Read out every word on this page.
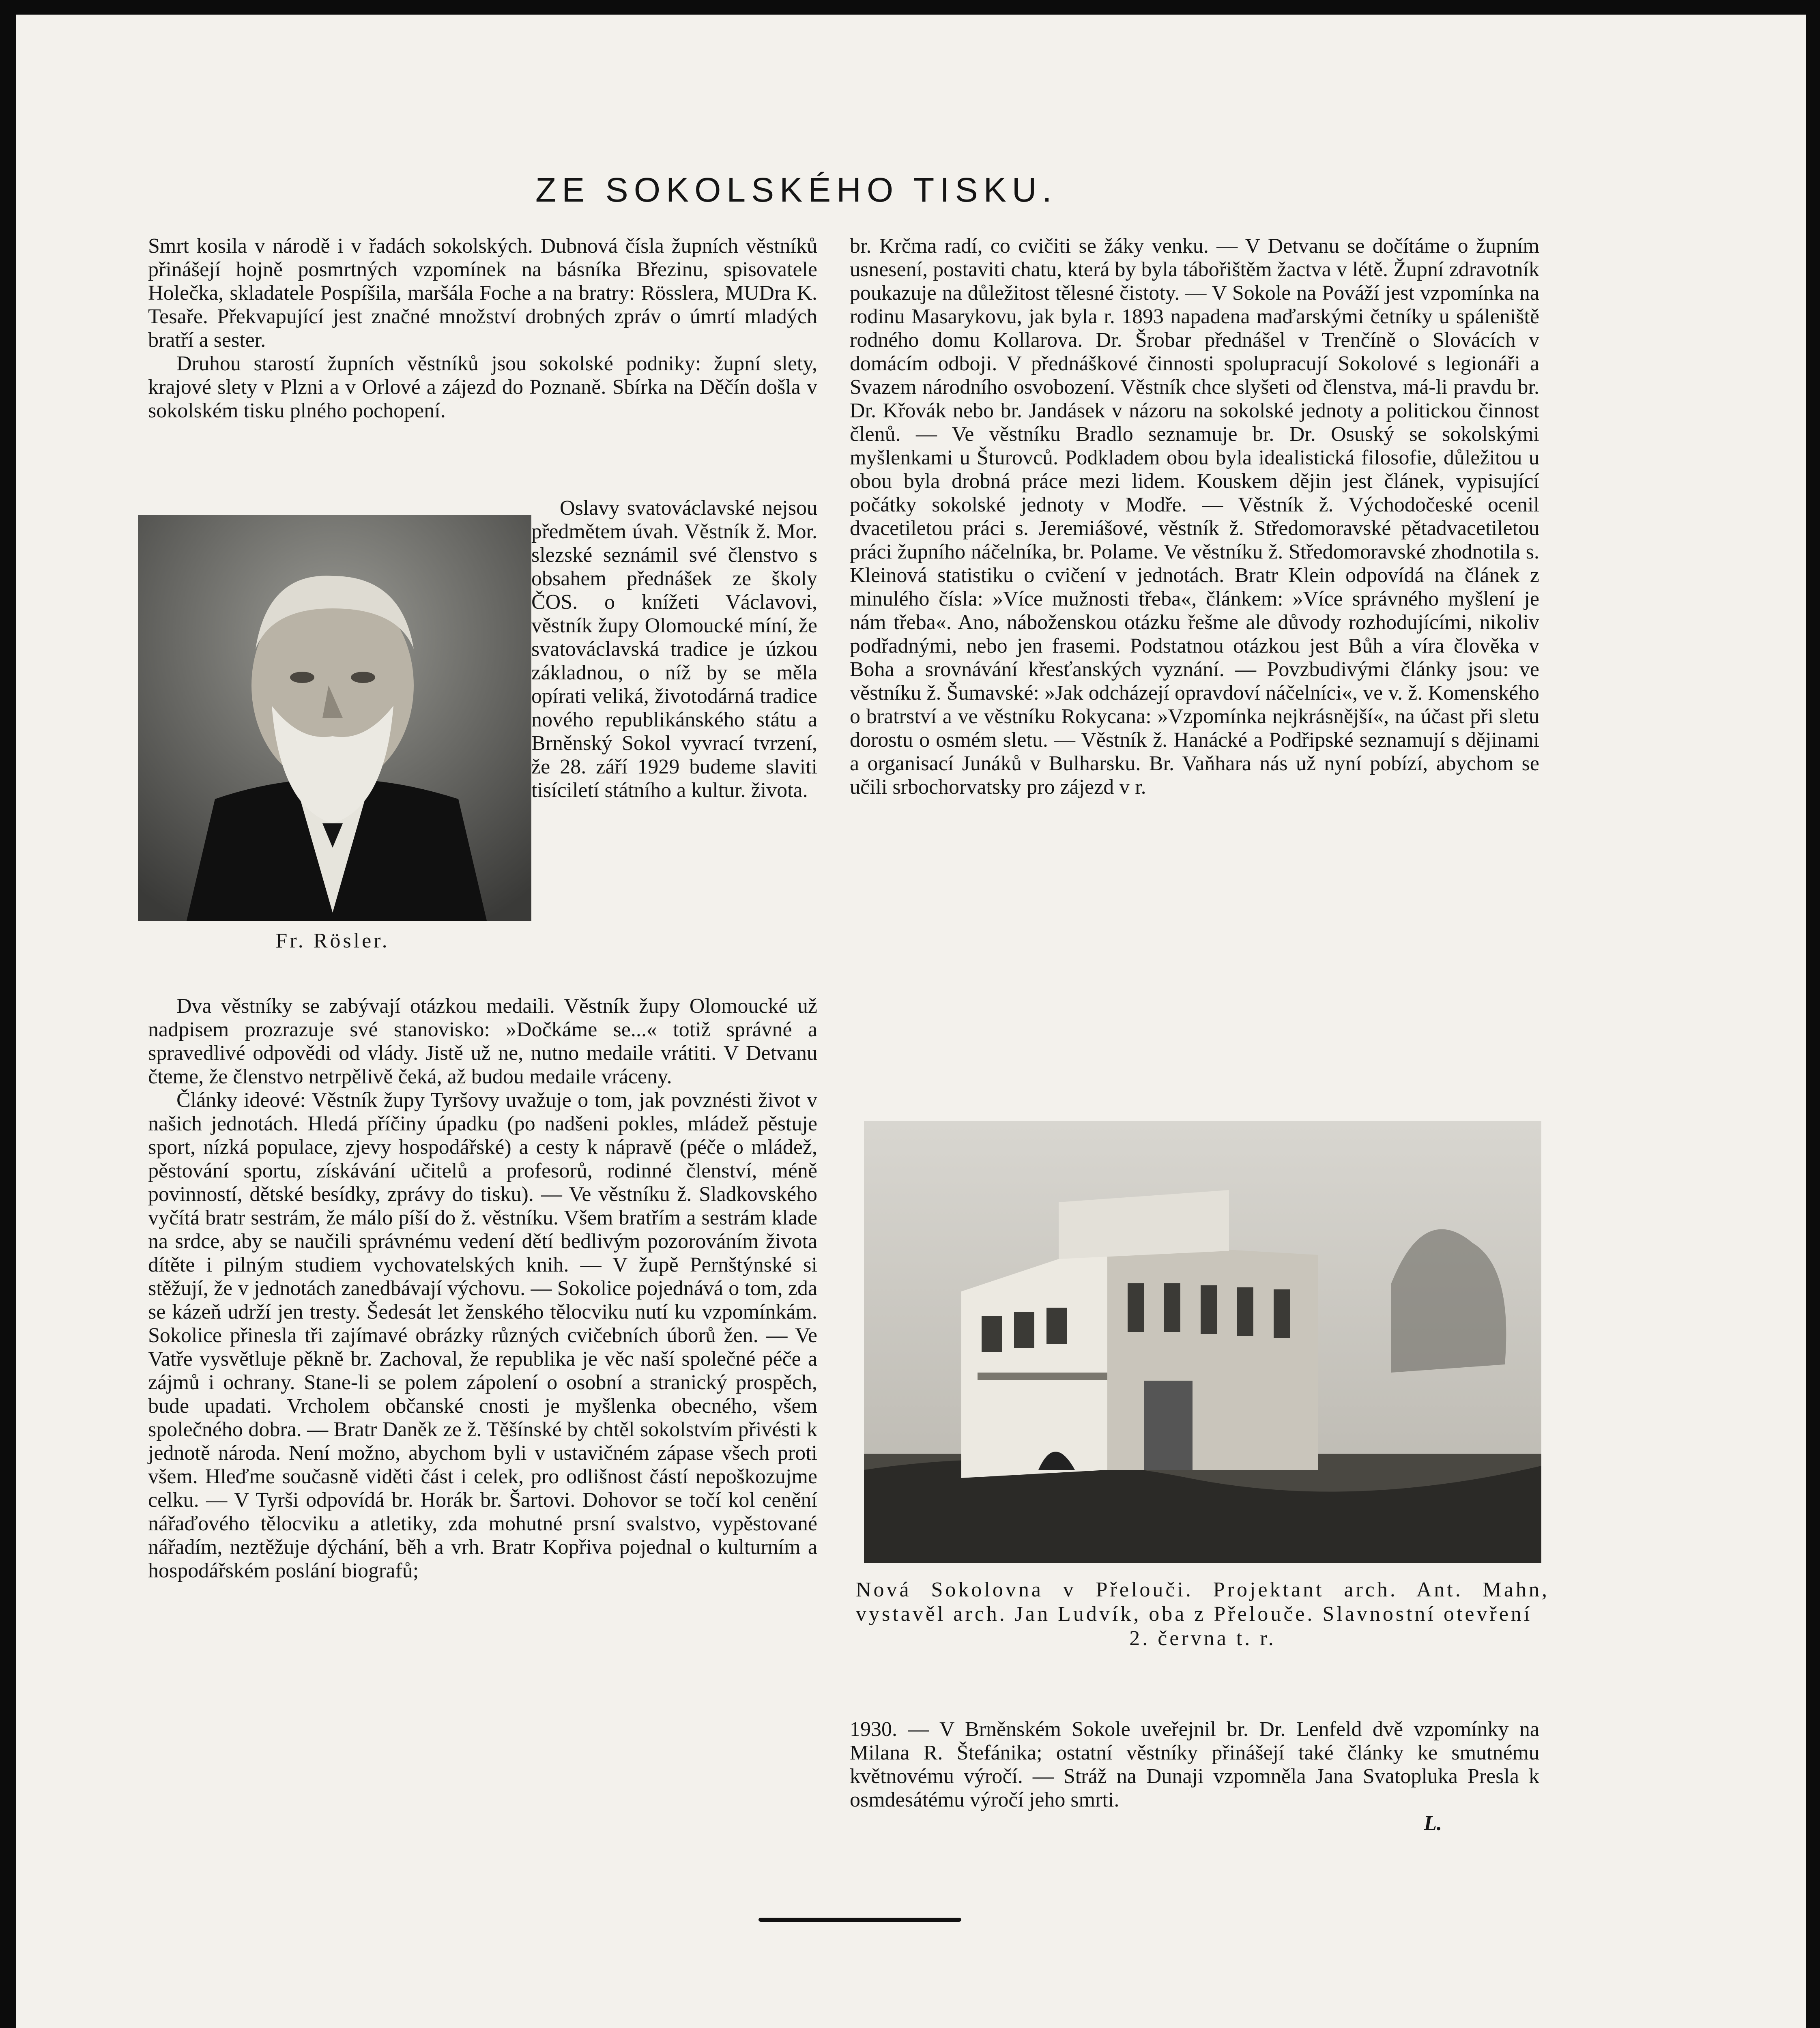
ZE SOKOLSKÉHO TISKU.

Smrt kosila v národě i v řadách sokolských. Dubnová čísla župních věstníků přinášejí hojně posmrtných vzpomínek na básníka Březinu, spisovatele Holečka, skladatele Pospíšila, maršála Foche a na bratry: Rösslera, MUDra K. Tesaře. Překvapující jest značné množství drobných zpráv o úmrtí mladých bratří a sester.

Druhou starostí župních věstníků jsou sokolské podniky: župní slety, krajové slety v Plzni a v Orlové a zájezd do Poznaně. Sbírka na Děčín došla v sokolském tisku plného pochopení.

Fr. Rösler.

Oslavy svatováclavské nejsou předmětem úvah. Věstník ž. Mor. slezské seznámil své členstvo s obsahem přednášek ze školy ČOS. o knížeti Václavovi, věstník župy Olomoucké míní, že svatováclavská tradice je úzkou základnou, o níž by se měla opírati veliká, životodárná tradice nového republikánského státu a Brněnský Sokol vyvrací tvrzení, že 28. září 1929 budeme slaviti tisíciletí státního a kultur. života.

Dva věstníky se zabývají otázkou medaili. Věstník župy Olomoucké už nadpisem prozrazuje své stanovisko: »Dočkáme se...« totiž správné a spravedlivé odpovědi od vlády. Jistě už ne, nutno medaile vrátiti. V Detvanu čteme, že členstvo netrpělivě čeká, až budou medaile vráceny.

Články ideové: Věstník župy Tyršovy uvažuje o tom, jak povznésti život v našich jednotách. Hledá příčiny úpadku (po nadšeni pokles, mládež pěstuje sport, nízká populace, zjevy hospodářské) a cesty k nápravě (péče o mládež, pěstování sportu, získávání učitelů a profesorů, rodinné členství, méně povinností, dětské besídky, zprávy do tisku). — Ve věstníku ž. Sladkovského vyčítá bratr sestrám, že málo píší do ž. věstníku. Všem bratřím a sestrám klade na srdce, aby se naučili správnému vedení dětí bedlivým pozorováním života dítěte i pilným studiem vychovatelských knih. — V župě Pernštýnské si stěžují, že v jednotách zanedbávají výchovu. — Sokolice pojednává o tom, zda se kázeň udrží jen tresty. Šedesát let ženského tělocviku nutí ku vzpomínkám. Sokolice přinesla tři zajímavé obrázky různých cvičebních úborů žen. — Ve Vatře vysvětluje pěkně br. Zachoval, že republika je věc naší společné péče a zájmů i ochrany. Stane-li se polem zápolení o osobní a stranický prospěch, bude upadati. Vrcholem občanské cnosti je myšlenka obecného, všem společného dobra. — Bratr Daněk ze ž. Těšínské by chtěl sokolstvím přivésti k jednotě národa. Není možno, abychom byli v ustavičném zápase všech proti všem. Hleďme současně viděti část i celek, pro odlišnost částí nepoškozujme celku. — V Tyrši odpovídá br. Horák br. Šartovi. Dohovor se točí kol cenění nářaďového tělocviku a atletiky, zda mohutné prsní svalstvo, vypěstované nářadím, neztěžuje dýchání, běh a vrh. Bratr Kopřiva pojednal o kulturním a hospodářském poslání biografů;

br. Krčma radí, co cvičiti se žáky venku. — V Detvanu se dočítáme o župním usnesení, postaviti chatu, která by byla tábořištěm žactva v létě. Župní zdravotník poukazuje na důležitost tělesné čistoty. — V Sokole na Pováží jest vzpomínka na rodinu Masarykovu, jak byla r. 1893 napadena maďarskými četníky u spáleniště rodného domu Kollarova. Dr. Šrobar přednášel v Trenčíně o Slovácích v domácím odboji. V přednáškové činnosti spolupracují Sokolové s legionáři a Svazem národního osvobození. Věstník chce slyšeti od členstva, má-li pravdu br. Dr. Křovák nebo br. Jandásek v názoru na sokolské jednoty a politickou činnost členů. — Ve věstníku Bradlo seznamuje br. Dr. Osuský se sokolskými myšlenkami u Šturovců. Podkladem obou byla idealistická filosofie, důležitou u obou byla drobná práce mezi lidem. Kouskem dějin jest článek, vypisující počátky sokolské jednoty v Modře. — Věstník ž. Východočeské ocenil dvacetiletou práci s. Jeremiášové, věstník ž. Středomoravské pětadvacetiletou práci župního náčelníka, br. Polame. Ve věstníku ž. Středomoravské zhodnotila s. Kleinová statistiku o cvičení v jednotách. Bratr Klein odpovídá na článek z minulého čísla: »Více mužnosti třeba«, článkem: »Více správného myšlení je nám třeba«. Ano, náboženskou otázku řešme ale důvody rozhodujícími, nikoliv podřadnými, nebo jen frasemi. Podstatnou otázkou jest Bůh a víra člověka v Boha a srovnávání křesťanských vyznání. — Povzbudivými články jsou: ve věstníku ž. Šumavské: »Jak odcházejí opravdoví náčelníci«, ve v. ž. Komenského o bratrství a ve věstníku Rokycana: »Vzpomínka nejkrásnější«, na účast při sletu dorostu o osmém sletu. — Věstník ž. Hanácké a Podřipské seznamují s dějinami a organisací Junáků v Bulharsku. Br. Vaňhara nás už nyní pobízí, abychom se učili srbochorvatsky pro zájezd v r.

Nová Sokolovna v Přelouči. Projektant arch. Ant. Mahn, vystavěl arch. Jan Ludvík, oba z Přelouče. Slavnostní otevření
2. června t. r.

1930. — V Brněnském Sokole uveřejnil br. Dr. Lenfeld dvě vzpomínky na Milana R. Štefánika; ostatní věstníky přinášejí také články ke smutnému květnovému výročí. — Stráž na Dunaji vzpomněla Jana Svatopluka Presla k osmdesátému výročí jeho smrti.

L.
